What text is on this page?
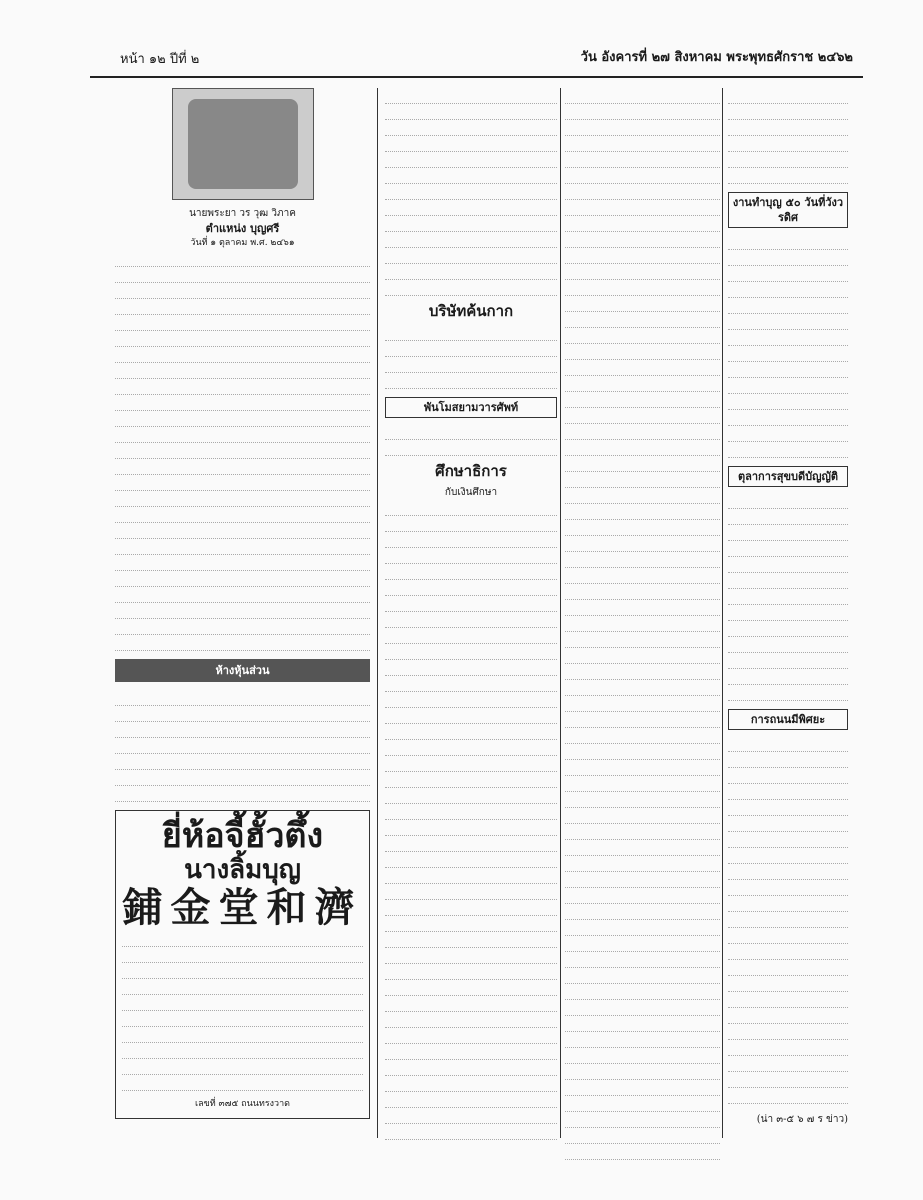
หน้า ๑๒ ปีที่ ๒	วัน อังคารที่ ๒๗ สิงหาคม พระพุทธศักราช ๒๔๖๒
นายพระยา วร วุฒ วิภาค
ตำแหน่ง บุญศรี
วันที่ ๑ ตุลาคม พ.ศ. ๒๔๖๑
ห้างหุ้นส่วน
ยี่ห้อจี้ฮั้วตึ้ง
นางลิ้มบุญ
鋪金堂和濟
เลขที่ ๓๗๕ ถนนทรงวาด
บริษัทค้นกาก
พันโมสยามวารศัพท์
ศึกษาธิการ
กับเงินศึกษา
งานทำบุญ ๕๐ วันที่วังวรดิศ
ตุลาการสุขบดีบัญญัติ
การถนนมีพิศยะ
(น่า ๓-๕ ๖ ๗ ร ข่าว)
